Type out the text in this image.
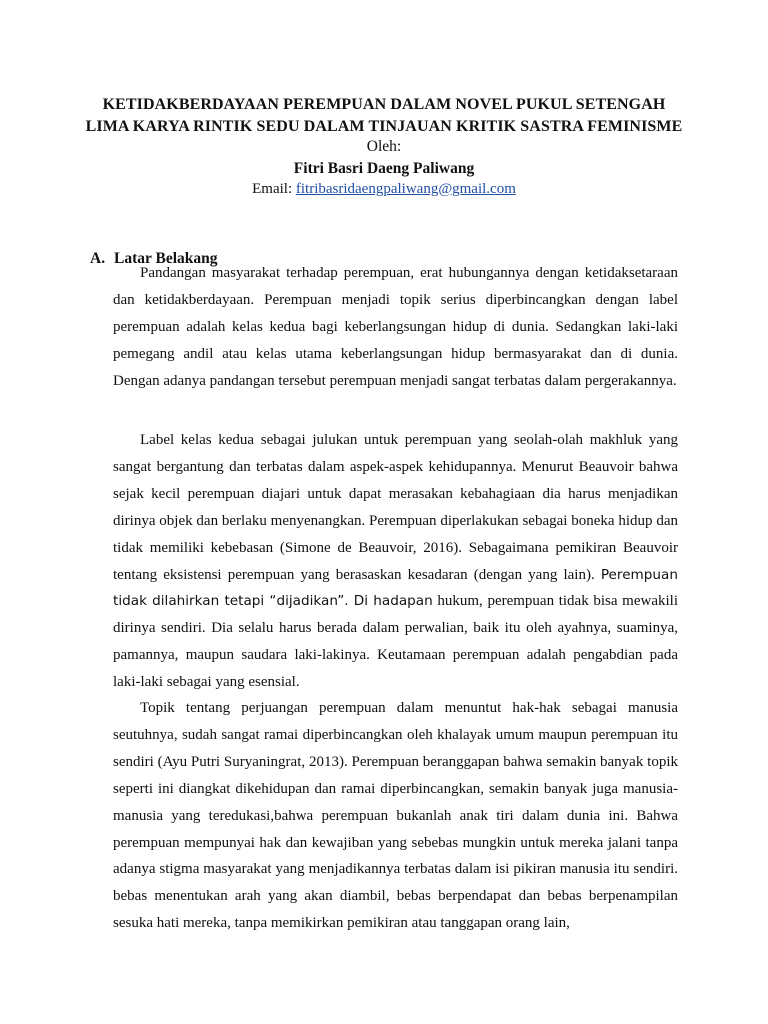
KETIDAKBERDAYAAN PEREMPUAN DALAM NOVEL PUKUL SETENGAH
LIMA KARYA RINTIK SEDU DALAM TINJAUAN KRITIK SASTRA FEMINISME
Oleh:
Fitri Basri Daeng Paliwang
Email: fitribasridaengpaliwang@gmail.com
A. Latar Belakang

Pandangan masyarakat terhadap perempuan, erat hubungannya dengan ketidaksetaraan dan ketidakberdayaan. Perempuan menjadi topik serius diperbincangkan dengan label perempuan adalah kelas kedua bagi keberlangsungan hidup di dunia. Sedangkan laki-laki pemegang andil atau kelas utama keberlangsungan hidup bermasyarakat dan di dunia. Dengan adanya pandangan tersebut perempuan menjadi sangat terbatas dalam pergerakannya.

Label kelas kedua sebagai julukan untuk perempuan yang seolah-olah makhluk yang sangat bergantung dan terbatas dalam aspek-aspek kehidupannya. Menurut Beauvoir bahwa sejak kecil perempuan diajari untuk dapat merasakan kebahagiaan dia harus menjadikan dirinya objek dan berlaku menyenangkan. Perempuan diperlakukan sebagai boneka hidup dan tidak memiliki kebebasan (Simone de Beauvoir, 2016). Sebagaimana pemikiran Beauvoir tentang eksistensi perempuan yang berasaskan kesadaran (dengan yang lain). Perempuan tidak dilahirkan tetapi “dijadikan”. Di hadapan hukum, perempuan tidak bisa mewakili dirinya sendiri. Dia selalu harus berada dalam perwalian, baik itu oleh ayahnya, suaminya, pamannya, maupun saudara laki-lakinya. Keutamaan perempuan adalah pengabdian pada laki-laki sebagai yang esensial.

Topik tentang perjuangan perempuan dalam menuntut hak-hak sebagai manusia seutuhnya, sudah sangat ramai diperbincangkan oleh khalayak umum maupun perempuan itu sendiri (Ayu Putri Suryaningrat, 2013). Perempuan beranggapan bahwa semakin banyak topik seperti ini diangkat dikehidupan dan ramai diperbincangkan, semakin banyak juga manusia-manusia yang teredukasi,bahwa perempuan bukanlah anak tiri dalam dunia ini. Bahwa perempuan mempunyai hak dan kewajiban yang sebebas mungkin untuk mereka jalani tanpa adanya stigma masyarakat yang menjadikannya terbatas dalam isi pikiran manusia itu sendiri. bebas menentukan arah yang akan diambil, bebas berpendapat dan bebas berpenampilan sesuka hati mereka, tanpa memikirkan pemikiran atau tanggapan orang lain,
